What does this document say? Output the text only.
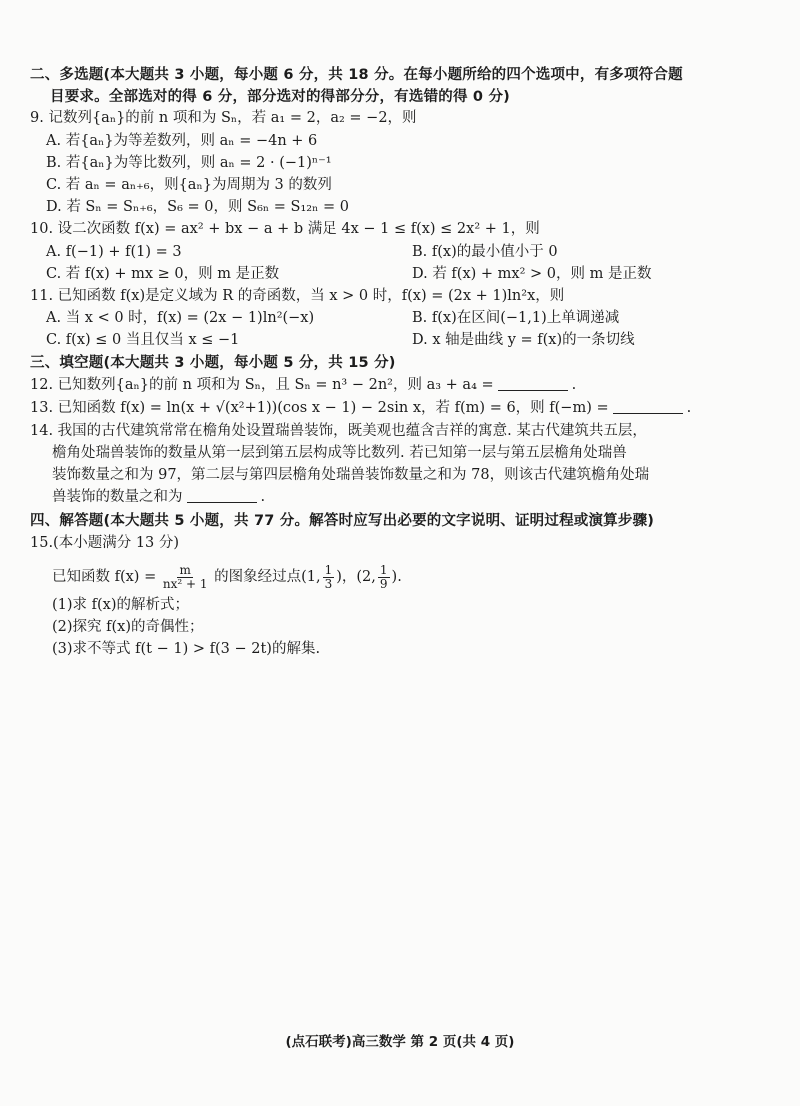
二、多选题(本大题共 3 小题，每小题 6 分，共 18 分。在每小题所给的四个选项中，有多项符合题
目要求。全部选对的得 6 分，部分选对的得部分分，有选错的得 0 分)
9. 记数列{aₙ}的前 n 项和为 Sₙ，若 a₁ = 2，a₂ = −2，则
A. 若{aₙ}为等差数列，则 aₙ = −4n + 6
B. 若{aₙ}为等比数列，则 aₙ = 2 · (−1)ⁿ⁻¹
C. 若 aₙ = aₙ₊₆，则{aₙ}为周期为 3 的数列
D. 若 Sₙ = Sₙ₊₆，S₆ = 0，则 S₆ₙ = S₁₂ₙ = 0
10. 设二次函数 f(x) = ax² + bx − a + b 满足 4x − 1 ≤ f(x) ≤ 2x² + 1，则
A. f(−1) + f(1) = 3	B. f(x)的最小值小于 0
C. 若 f(x) + mx ≥ 0，则 m 是正数	D. 若 f(x) + mx² > 0，则 m 是正数
11. 已知函数 f(x)是定义域为 R 的奇函数，当 x > 0 时，f(x) = (2x + 1)ln²x，则
A. 当 x < 0 时，f(x) = (2x − 1)ln²(−x)	B. f(x)在区间(−1,1)上单调递减
C. f(x) ≤ 0 当且仅当 x ≤ −1	D. x 轴是曲线 y = f(x)的一条切线
三、填空题(本大题共 3 小题，每小题 5 分，共 15 分)
12. 已知数列{aₙ}的前 n 项和为 Sₙ，且 Sₙ = n³ − 2n²，则 a₃ + a₄ =	.
13. 已知函数 f(x) = ln(x + √(x²+1))(cos x − 1) − 2sin x，若 f(m) = 6，则 f(−m) =	.
14. 我国的古代建筑常常在檐角处设置瑞兽装饰，既美观也蕴含吉祥的寓意. 某古代建筑共五层，
檐角处瑞兽装饰的数量从第一层到第五层构成等比数列. 若已知第一层与第五层檐角处瑞兽
装饰数量之和为 97，第二层与第四层檐角处瑞兽装饰数量之和为 78，则该古代建筑檐角处瑞
兽装饰的数量之和为	.
四、解答题(本大题共 5 小题，共 77 分。解答时应写出必要的文字说明、证明过程或演算步骤)
15.(本小题满分 13 分)
已知函数 $f(x) = \frac{m}{\text{nx² + 1}}$ 的图象经过点(1, $\frac{1}{3}$ )，(2, $\frac{1}{9}$ ).
(1)求 f(x)的解析式；
(2)探究 f(x)的奇偶性；
(3)求不等式 f(t − 1) > f(3 − 2t)的解集.
(点石联考)高三数学 第 2 页(共 4 页)
